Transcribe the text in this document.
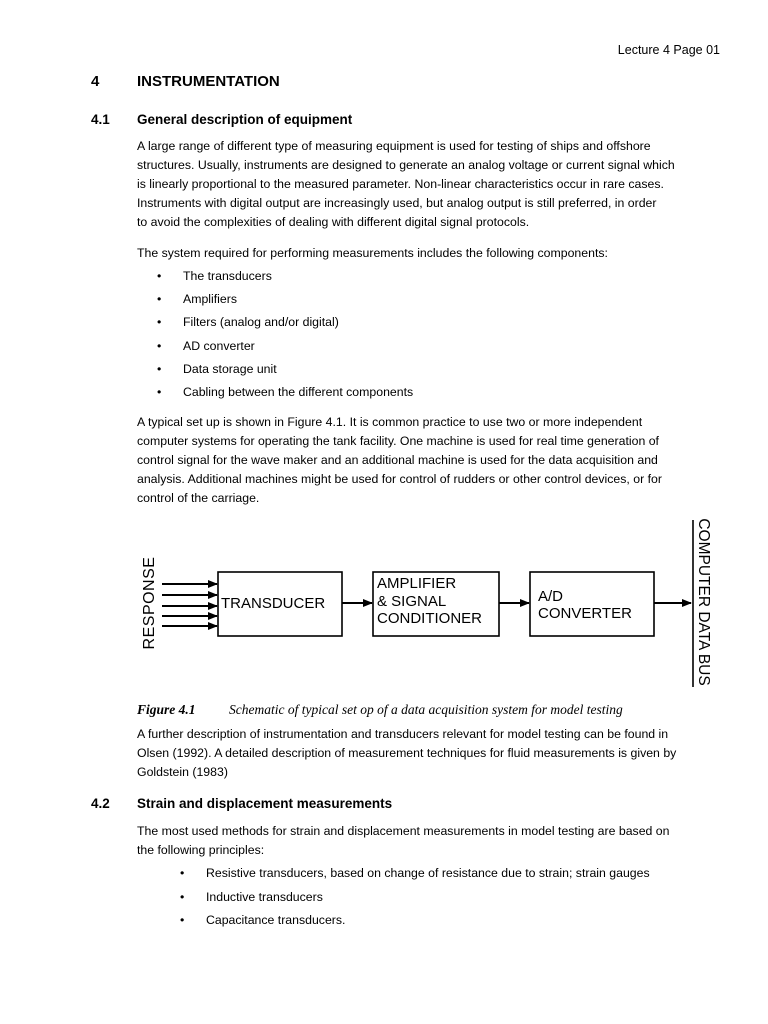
Lecture 4 Page 01
4	INSTRUMENTATION
4.1	General description of equipment
A large range of different type of measuring equipment is used for testing of ships and offshore
structures. Usually, instruments are designed to generate an analog voltage or current signal which
is linearly proportional to the measured parameter. Non-linear characteristics occur in rare cases.
Instruments with digital output are increasingly used, but analog output is still preferred, in order
to avoid the complexities of dealing with different digital signal protocols.
The system required for performing measurements includes the following components:
• The transducers
• Amplifiers
• Filters (analog and/or digital)
• AD converter
• Data storage unit
• Cabling between the different components
A typical set up is shown in Figure 4.1. It is common practice to use two or more independent
computer systems for operating the tank facility. One machine is used for real time generation of
control signal for the wave maker and an additional machine is used for the data acquisition and
analysis. Additional machines might be used for control of rudders or other control devices, or for
control of the carriage.
RESPONSE	TRANSDUCER
AMPLIFIER
& SIGNAL
CONDITIONER
A/D
CONVERTER	COMPUTER DATA BUS
Figure 4.1	Schematic of typical set op of a data acquisition system for model testing
A further description of instrumentation and transducers relevant for model testing can be found in
Olsen (1992). A detailed description of measurement techniques for fluid measurements is given by
Goldstein (1983)
4.2	Strain and displacement measurements
The most used methods for strain and displacement measurements in model testing are based on
the following principles:
• Resistive transducers, based on change of resistance due to strain; strain gauges
• Inductive transducers
• Capacitance transducers.
